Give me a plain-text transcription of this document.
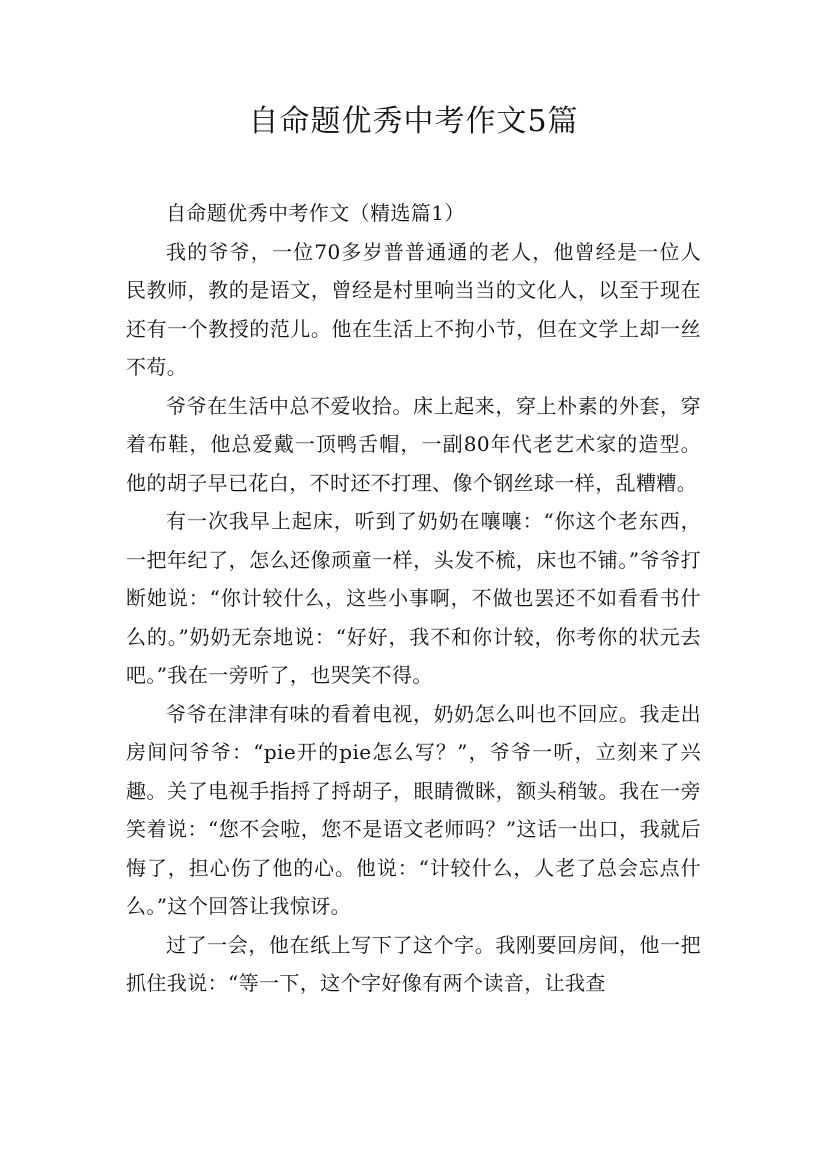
自命题优秀中考作文5篇

自命题优秀中考作文（精选篇1）

我的爷爷，一位70多岁普普通通的老人，他曾经是一位人民教师，教的是语文，曾经是村里响当当的文化人，以至于现在还有一个教授的范儿。他在生活上不拘小节，但在文学上却一丝不苟。

爷爷在生活中总不爱收拾。床上起来，穿上朴素的外套，穿着布鞋，他总爱戴一顶鸭舌帽，一副80年代老艺术家的造型。他的胡子早已花白，不时还不打理、像个钢丝球一样，乱糟糟。

有一次我早上起床，听到了奶奶在嚷嚷：“你这个老东西，一把年纪了，怎么还像顽童一样，头发不梳，床也不铺。”爷爷打断她说：“你计较什么，这些小事啊，不做也罢还不如看看书什么的。”奶奶无奈地说：“好好，我不和你计较，你考你的状元去吧。”我在一旁听了，也哭笑不得。

爷爷在津津有味的看着电视，奶奶怎么叫也不回应。我走出房间问爷爷：“pie开的pie怎么写？”，爷爷一听，立刻来了兴趣。关了电视手指捋了捋胡子，眼睛微眯，额头稍皱。我在一旁笑着说：“您不会啦，您不是语文老师吗？”这话一出口，我就后悔了，担心伤了他的心。他说：“计较什么，人老了总会忘点什么。”这个回答让我惊讶。

过了一会，他在纸上写下了这个字。我刚要回房间，他一把抓住我说：“等一下，这个字好像有两个读音，让我查
